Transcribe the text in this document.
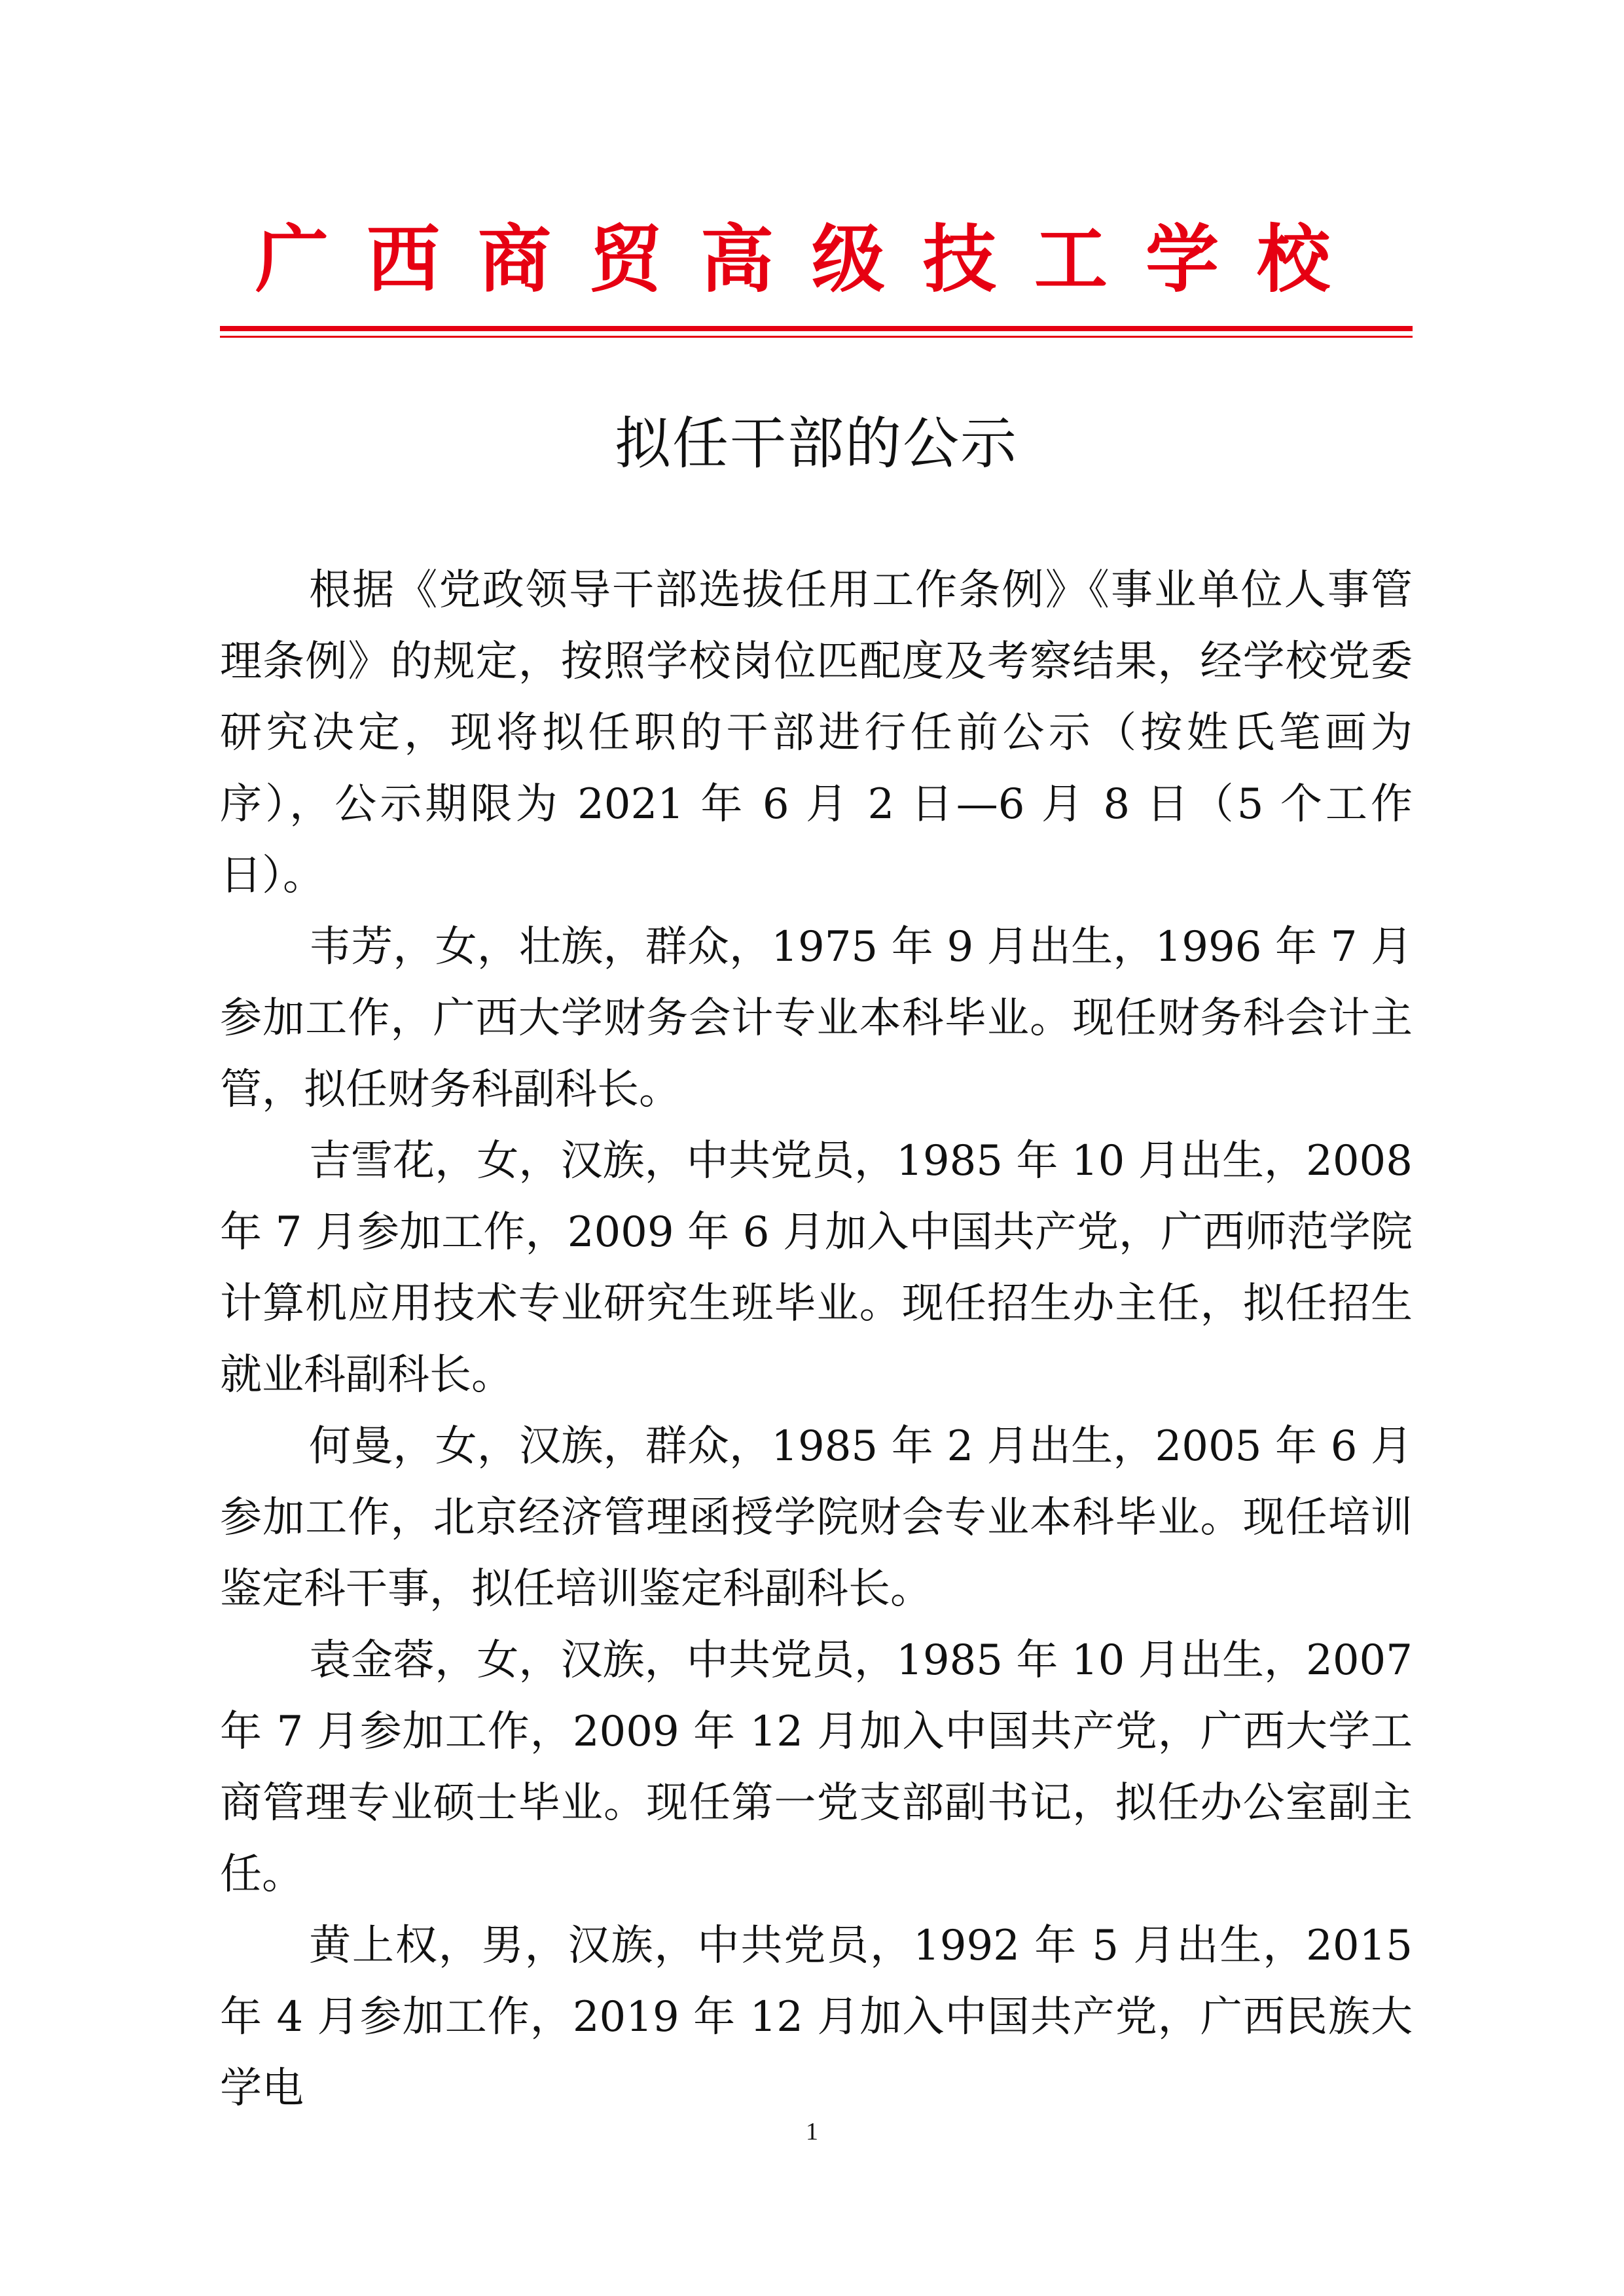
广西商贸高级技工学校
拟任干部的公示

根据《党政领导干部选拔任用工作条例》《事业单位人事管理条例》的规定，按照学校岗位匹配度及考察结果，经学校党委研究决定，现将拟任职的干部进行任前公示（按姓氏笔画为序），公示期限为 2021 年 6 月 2 日—6 月 8 日（5 个工作日）。

韦芳，女，壮族，群众，1975 年 9 月出生，1996 年 7 月参加工作，广西大学财务会计专业本科毕业。现任财务科会计主管，拟任财务科副科长。

吉雪花，女，汉族，中共党员，1985 年 10 月出生，2008 年 7 月参加工作，2009 年 6 月加入中国共产党，广西师范学院计算机应用技术专业研究生班毕业。现任招生办主任，拟任招生就业科副科长。

何曼，女，汉族，群众，1985 年 2 月出生，2005 年 6 月参加工作，北京经济管理函授学院财会专业本科毕业。现任培训鉴定科干事，拟任培训鉴定科副科长。

袁金蓉，女，汉族，中共党员，1985 年 10 月出生，2007 年 7 月参加工作，2009 年 12 月加入中国共产党，广西大学工商管理专业硕士毕业。现任第一党支部副书记，拟任办公室副主任。

黄上权，男，汉族，中共党员，1992 年 5 月出生，2015 年 4 月参加工作，2019 年 12 月加入中国共产党，广西民族大学电

1
